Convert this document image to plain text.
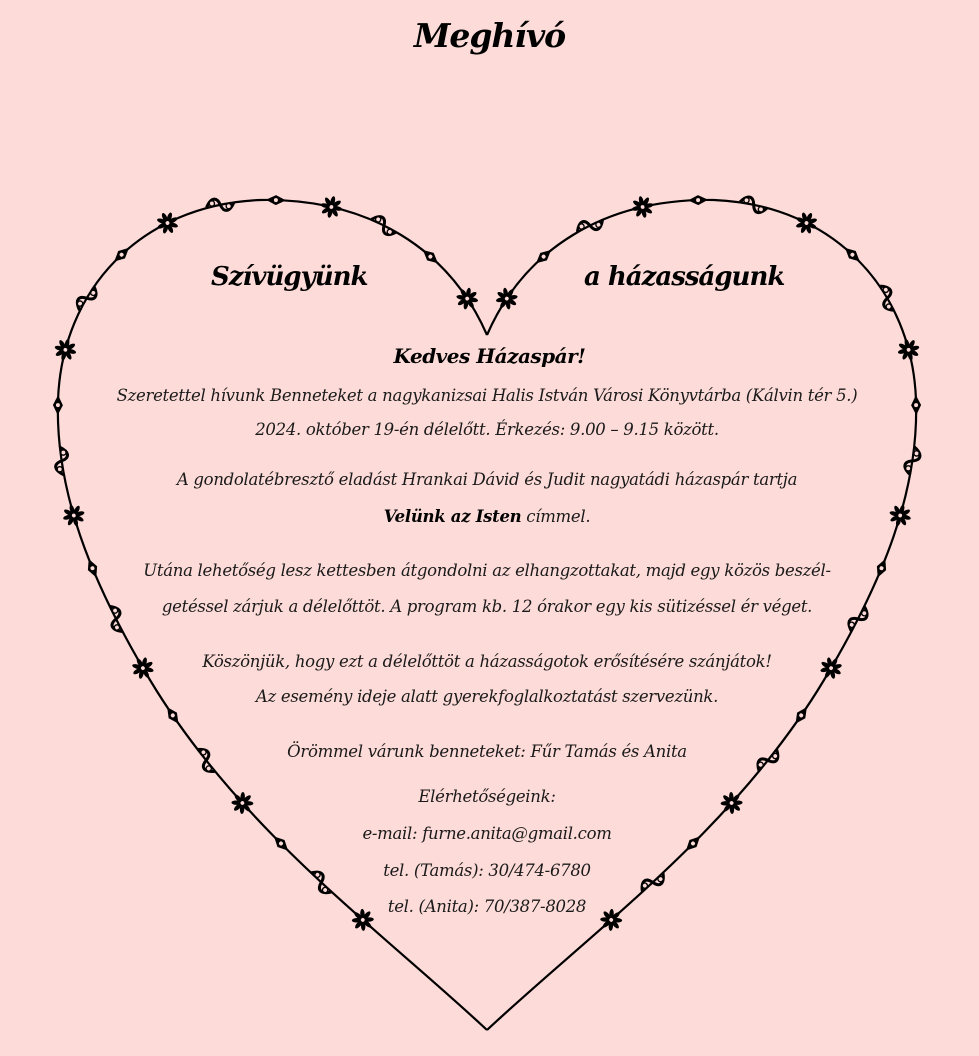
Meghívó
Szívügyünk	a házasságunk
Kedves Házaspár!
Szeretettel hívunk Benneteket a nagykanizsai Halis István Városi Könyvtárba (Kálvin tér 5.)
2024. október 19-én délelőtt. Érkezés: 9.00 – 9.15 között.
A gondolatébresztő eladást Hrankai Dávid és Judit nagyatádi házaspár tartja
Velünk az Isten címmel.
Utána lehetőség lesz kettesben átgondolni az elhangzottakat, majd egy közös beszél-
getéssel zárjuk a délelőttöt. A program kb. 12 órakor egy kis sütizéssel ér véget.
Köszönjük, hogy ezt a délelőttöt a házasságotok erősítésére szánjátok!
Az esemény ideje alatt gyerekfoglalkoztatást szervezünk.
Örömmel várunk benneteket: Fűr Tamás és Anita
Elérhetőségeink:
e-mail: furne.anita@gmail.com
tel. (Tamás): 30/474-6780
tel. (Anita): 70/387-8028
